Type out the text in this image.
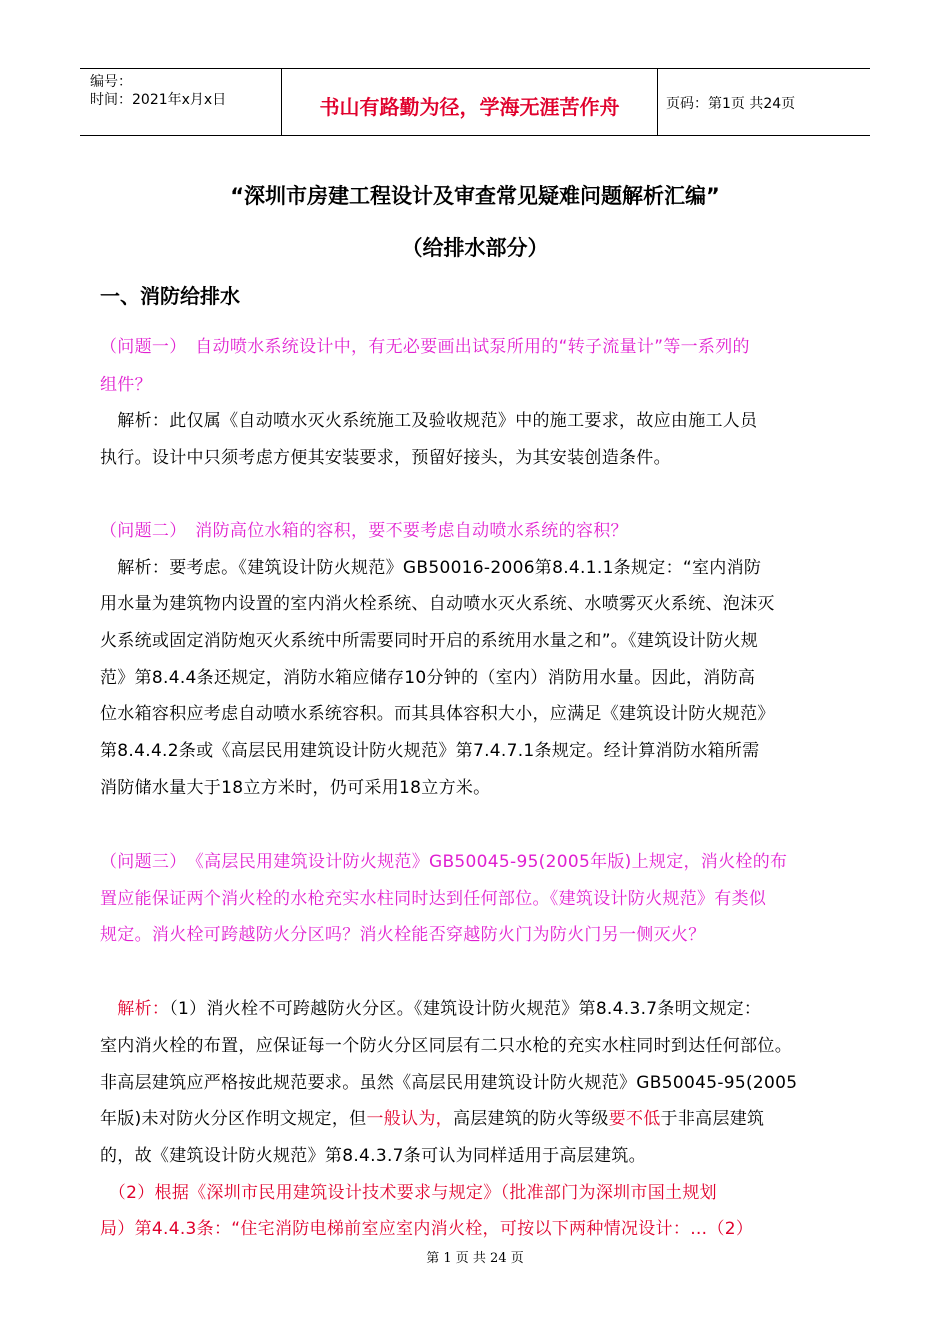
编号：
时间：2021年x月x日	书山有路勤为径，学海无涯苦作舟	页码：第1页 共24页
“深圳市房建工程设计及审查常见疑难问题解析汇编”
（给排水部分）
一、消防给排水
（问题一）　自动喷水系统设计中，有无必要画出试泵所用的“转子流量计”等一系列的
组件？
　解析：此仅属《自动喷水灭火系统施工及验收规范》中的施工要求，故应由施工人员
执行。设计中只须考虑方便其安装要求，预留好接头，为其安装创造条件。
（问题二）　消防高位水箱的容积，要不要考虑自动喷水系统的容积？
　解析：要考虑。《建筑设计防火规范》GB50016-2006第8.4.1.1条规定：“室内消防
用水量为建筑物内设置的室内消火栓系统、自动喷水灭火系统、水喷雾灭火系统、泡沫灭
火系统或固定消防炮灭火系统中所需要同时开启的系统用水量之和”。《建筑设计防火规
范》第8.4.4条还规定，消防水箱应储存10分钟的（室内）消防用水量。因此，消防高
位水箱容积应考虑自动喷水系统容积。而其具体容积大小，应满足《建筑设计防火规范》
第8.4.4.2条或《高层民用建筑设计防火规范》第7.4.7.1条规定。经计算消防水箱所需
消防储水量大于18立方米时，仍可采用18立方米。
（问题三）　《高层民用建筑设计防火规范》GB50045-95(2005年版)上规定，消火栓的布
置应能保证两个消火栓的水枪充实水柱同时达到任何部位。《建筑设计防火规范》有类似
规定。消火栓可跨越防火分区吗？消火栓能否穿越防火门为防火门另一侧灭火？
　解析：（1）消火栓不可跨越防火分区。《建筑设计防火规范》第8.4.3.7条明文规定：
室内消火栓的布置，应保证每一个防火分区同层有二只水枪的充实水柱同时到达任何部位。
非高层建筑应严格按此规范要求。虽然《高层民用建筑设计防火规范》GB50045-95(2005
年版)未对防火分区作明文规定，但一般认为，高层建筑的防火等级要不低于非高层建筑
的，故《建筑设计防火规范》第8.4.3.7条可认为同样适用于高层建筑。
　（2）根据《深圳市民用建筑设计技术要求与规定》（批准部门为深圳市国土规划
局）第4.4.3条：“住宅消防电梯前室应室内消火栓，可按以下两种情况设计：…（2）
第 1 页 共 24 页
